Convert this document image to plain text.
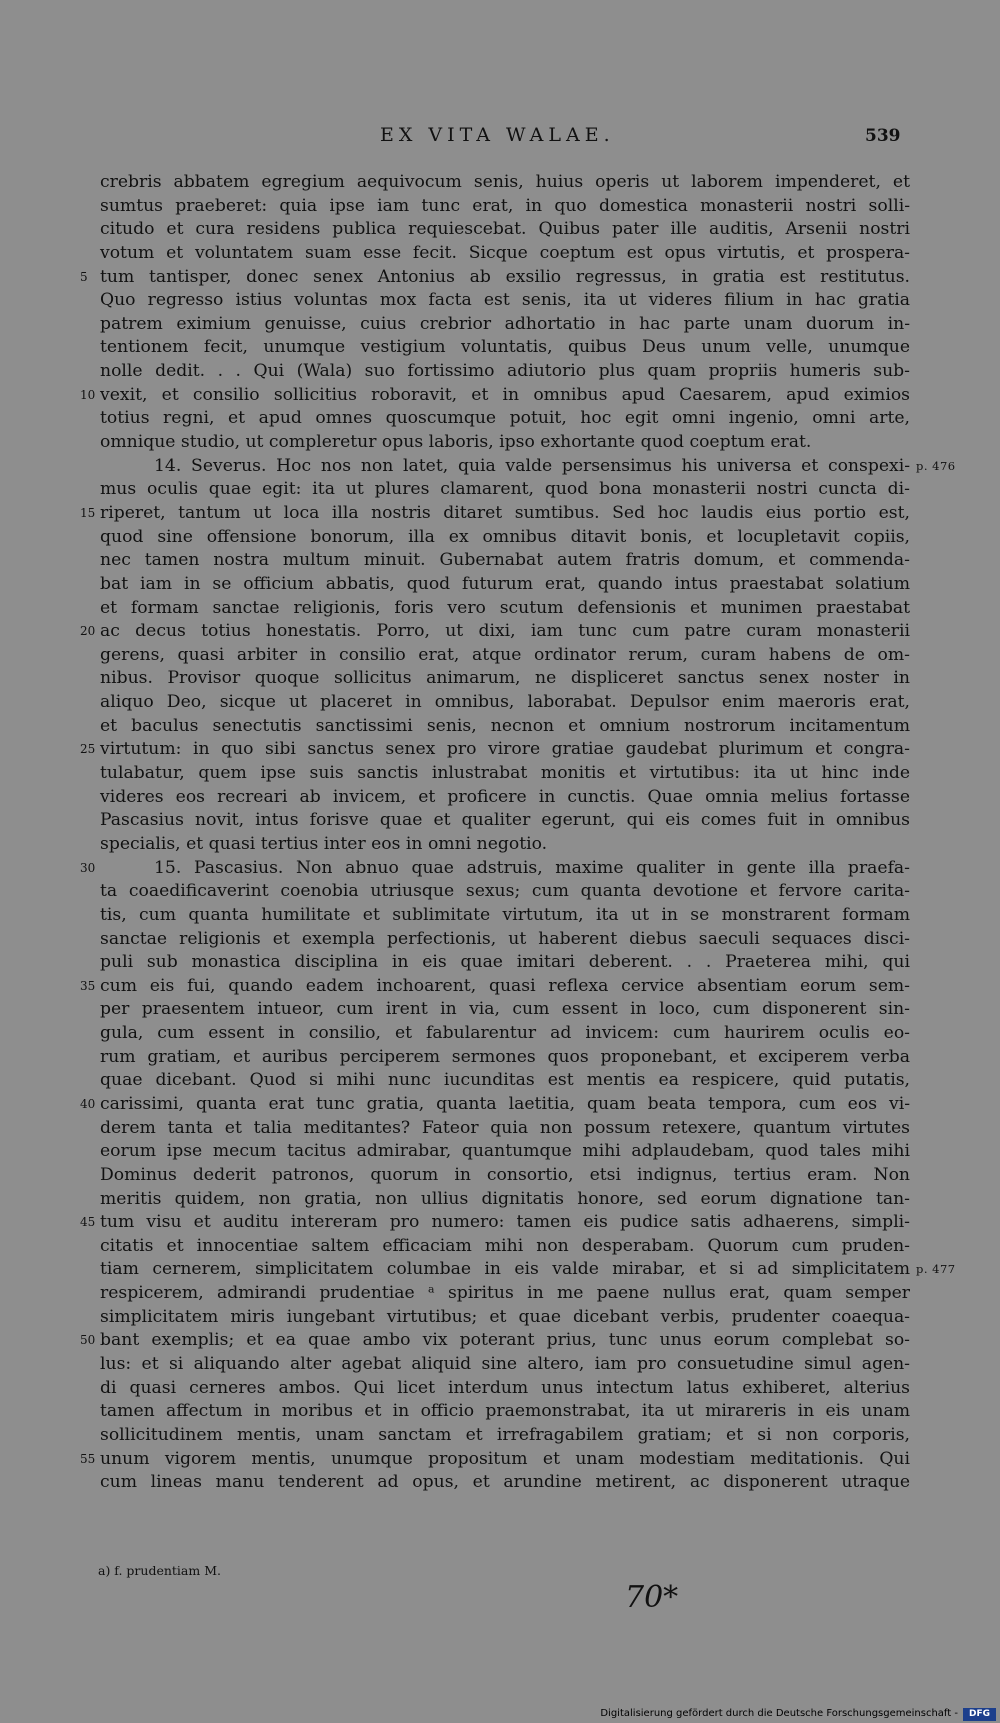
EX VITA WALAE.	539
crebris abbatem egregium aequivocum senis, huius operis ut laborem impenderet, et
sumtus praeberet: quia ipse iam tunc erat, in quo domestica monasterii nostri solli-
citudo et cura residens publica requiescebat. Quibus pater ille auditis, Arsenii nostri
votum et voluntatem suam esse fecit. Sicque coeptum est opus virtutis, et prospera-
5 tum tantisper, donec senex Antonius ab exsilio regressus, in gratia est restitutus.
Quo regresso istius voluntas mox facta est senis, ita ut videres filium in hac gratia
patrem eximium genuisse, cuius crebrior adhortatio in hac parte unam duorum in-
tentionem fecit, unumque vestigium voluntatis, quibus Deus unum velle, unumque
nolle dedit. . . Qui (Wala) suo fortissimo adiutorio plus quam propriis humeris sub-
10 vexit, et consilio sollicitius roboravit, et in omnibus apud Caesarem, apud eximios
totius regni, et apud omnes quoscumque potuit, hoc egit omni ingenio, omni arte,
omnique studio, ut compleretur opus laboris, ipso exhortante quod coeptum erat.
14. Severus. Hoc nos non latet, quia valde persensimus his universa et conspexi- p. 476
mus oculis quae egit: ita ut plures clamarent, quod bona monasterii nostri cuncta di-
15 riperet, tantum ut loca illa nostris ditaret sumtibus. Sed hoc laudis eius portio est,
quod sine offensione bonorum, illa ex omnibus ditavit bonis, et locupletavit copiis,
nec tamen nostra multum minuit. Gubernabat autem fratris domum, et commenda-
bat iam in se officium abbatis, quod futurum erat, quando intus praestabat solatium
et formam sanctae religionis, foris vero scutum defensionis et munimen praestabat
20 ac decus totius honestatis. Porro, ut dixi, iam tunc cum patre curam monasterii
gerens, quasi arbiter in consilio erat, atque ordinator rerum, curam habens de om-
nibus. Provisor quoque sollicitus animarum, ne displiceret sanctus senex noster in
aliquo Deo, sicque ut placeret in omnibus, laborabat. Depulsor enim maeroris erat,
et baculus senectutis sanctissimi senis, necnon et omnium nostrorum incitamentum
25 virtutum: in quo sibi sanctus senex pro virore gratiae gaudebat plurimum et congra-
tulabatur, quem ipse suis sanctis inlustrabat monitis et virtutibus: ita ut hinc inde
videres eos recreari ab invicem, et proficere in cunctis. Quae omnia melius fortasse
Pascasius novit, intus forisve quae et qualiter egerunt, qui eis comes fuit in omnibus
specialis, et quasi tertius inter eos in omni negotio.
30	15. Pascasius. Non abnuo quae adstruis, maxime qualiter in gente illa praefa-
ta coaedificaverint coenobia utriusque sexus; cum quanta devotione et fervore carita-
tis, cum quanta humilitate et sublimitate virtutum, ita ut in se monstrarent formam
sanctae religionis et exempla perfectionis, ut haberent diebus saeculi sequaces disci-
puli sub monastica disciplina in eis quae imitari deberent. . . Praeterea mihi, qui
35 cum eis fui, quando eadem inchoarent, quasi reflexa cervice absentiam eorum sem-
per praesentem intueor, cum irent in via, cum essent in loco, cum disponerent sin-
gula, cum essent in consilio, et fabularentur ad invicem: cum haurirem oculis eo-
rum gratiam, et auribus perciperem sermones quos proponebant, et exciperem verba
quae dicebant. Quod si mihi nunc iucunditas est mentis ea respicere, quid putatis,
40 carissimi, quanta erat tunc gratia, quanta laetitia, quam beata tempora, cum eos vi-
derem tanta et talia meditantes? Fateor quia non possum retexere, quantum virtutes
eorum ipse mecum tacitus admirabar, quantumque mihi adplaudebam, quod tales mihi
Dominus dederit patronos, quorum in consortio, etsi indignus, tertius eram. Non
meritis quidem, non gratia, non ullius dignitatis honore, sed eorum dignatione tan-
45 tum visu et auditu intereram pro numero: tamen eis pudice satis adhaerens, simpli-
citatis et innocentiae saltem efficaciam mihi non desperabam. Quorum cum pruden-
tiam cernerem, simplicitatem columbae in eis valde mirabar, et si ad simplicitatem p. 477
respicerem, admirandi prudentiae ᵃ spiritus in me paene nullus erat, quam semper
simplicitatem miris iungebant virtutibus; et quae dicebant verbis, prudenter coaequa-
50 bant exemplis; et ea quae ambo vix poterant prius, tunc unus eorum complebat so-
lus: et si aliquando alter agebat aliquid sine altero, iam pro consuetudine simul agen-
di quasi cerneres ambos. Qui licet interdum unus intectum latus exhiberet, alterius
tamen affectum in moribus et in officio praemonstrabat, ita ut mirareris in eis unam
sollicitudinem mentis, unam sanctam et irrefragabilem gratiam; et si non corporis,
55 unum vigorem mentis, unumque propositum et unam modestiam meditationis. Qui
cum lineas manu tenderent ad opus, et arundine metirent, ac disponerent utraque
a) f. prudentiam M.
70*
Digitalisierung gefördert durch die Deutsche Forschungsgemeinschaft -	DFG
